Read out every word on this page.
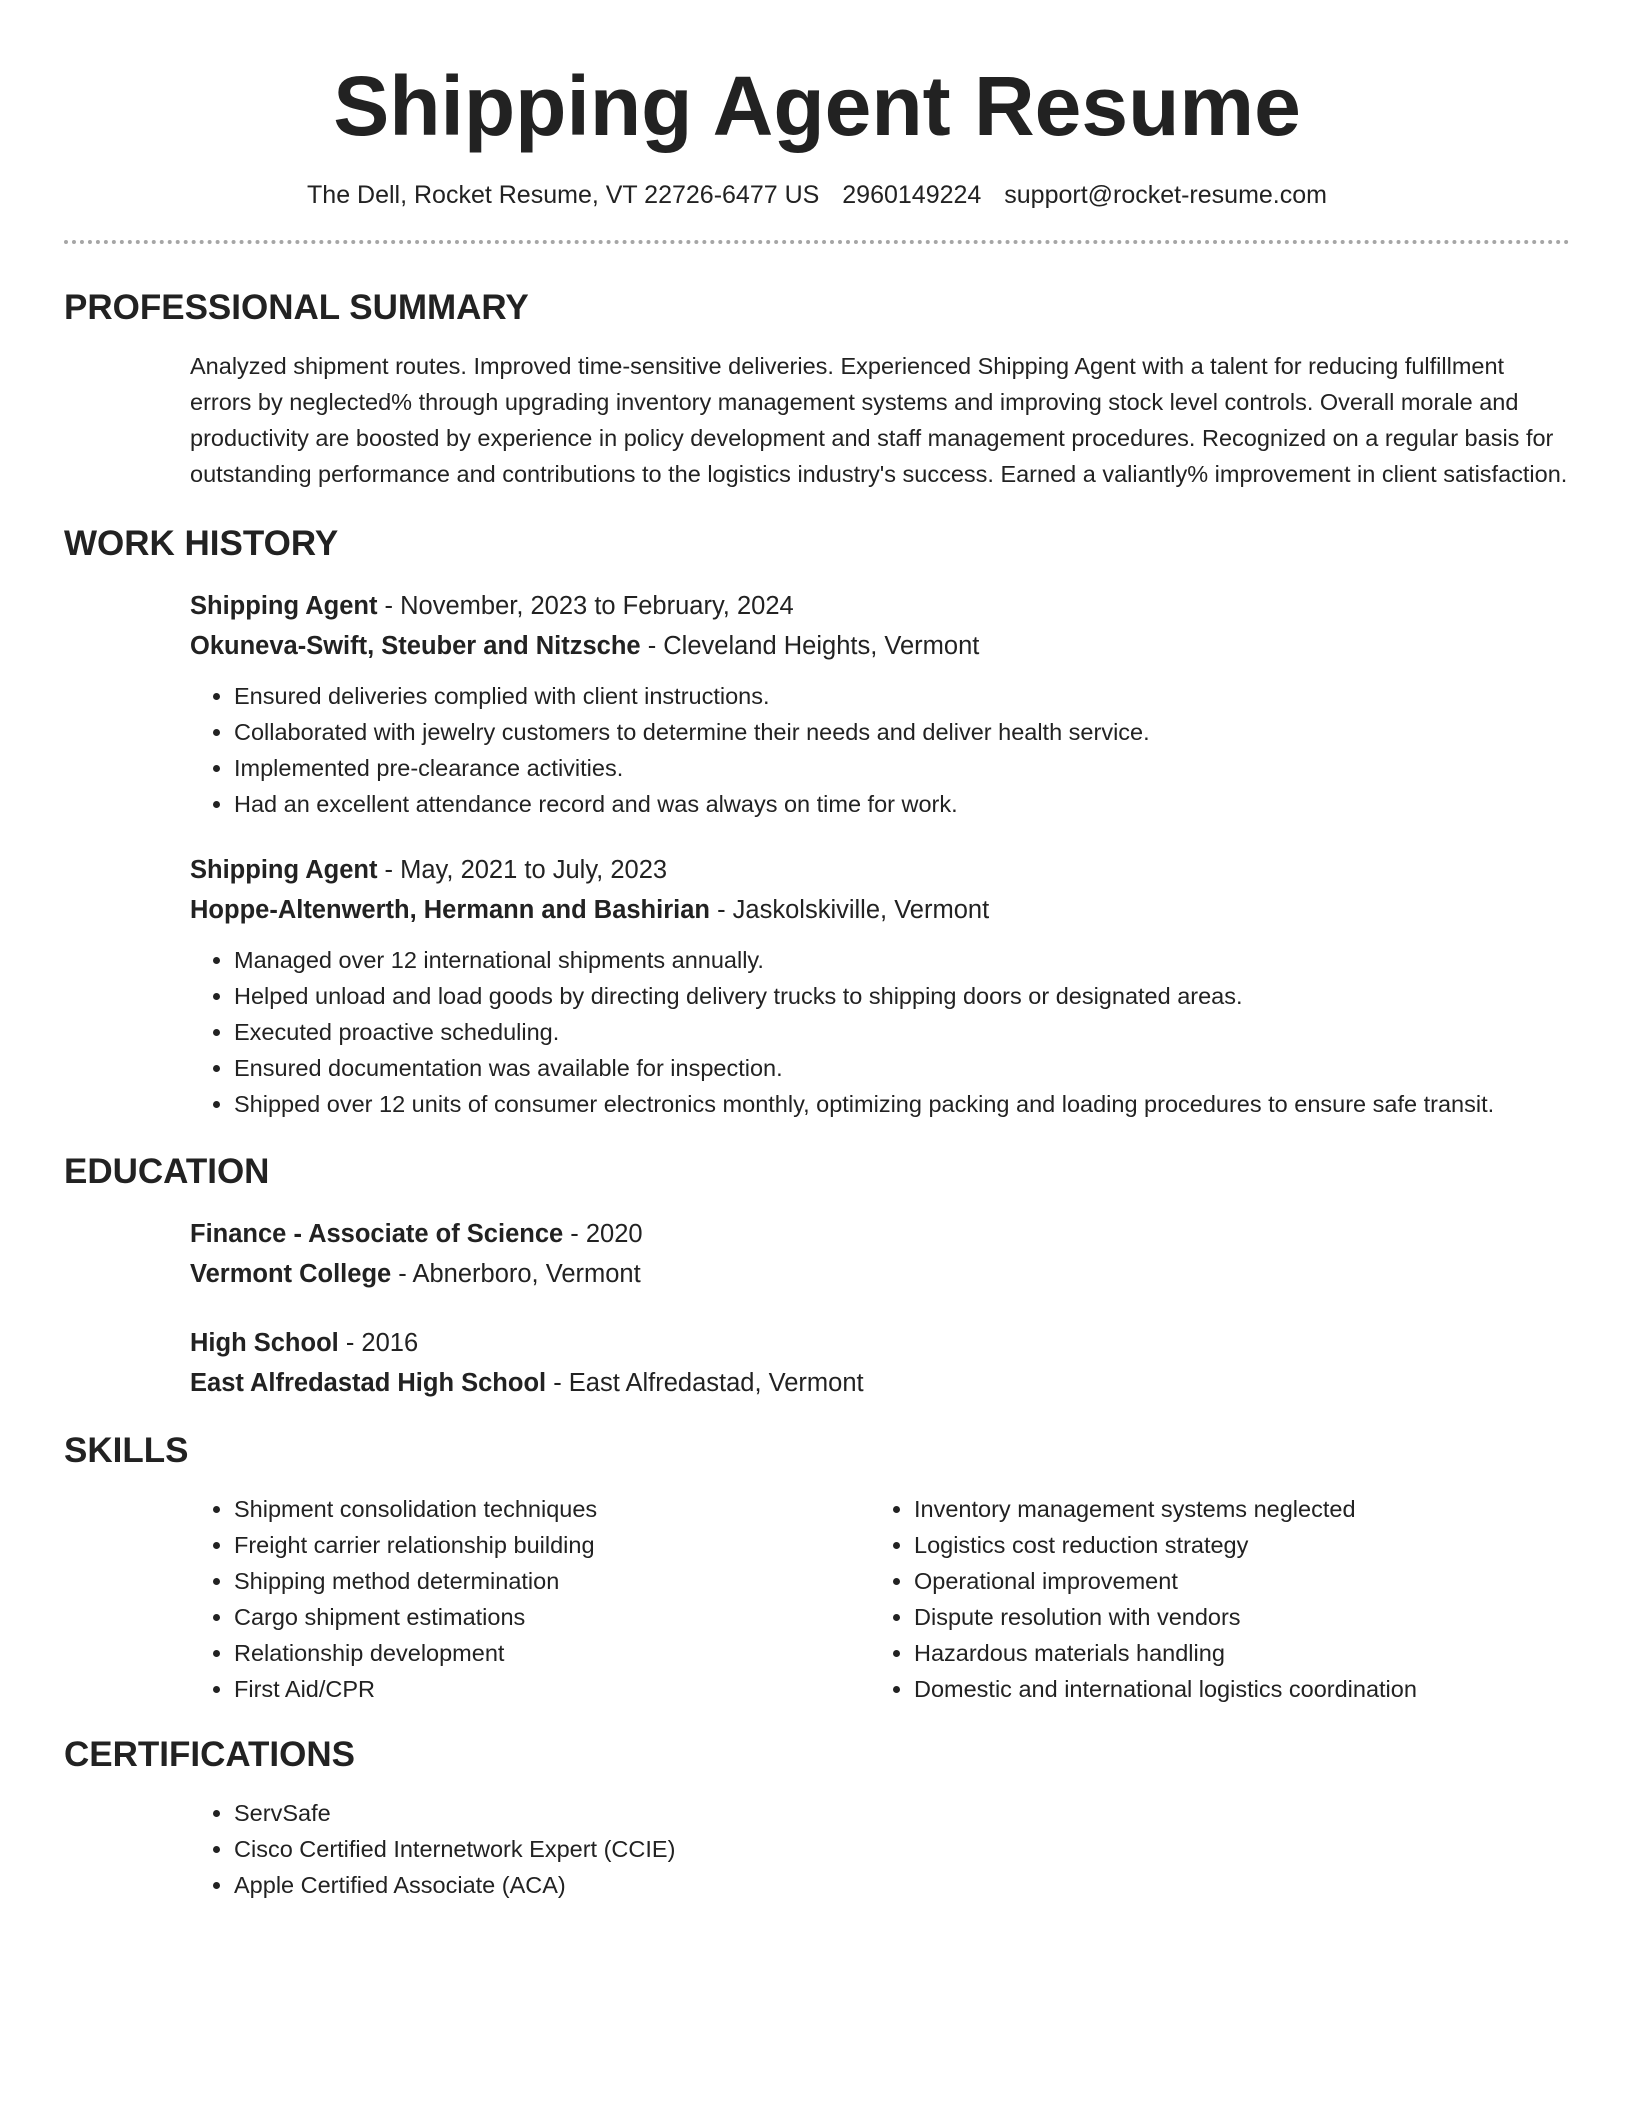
Shipping Agent Resume
The Dell, Rocket Resume, VT 22726-6477 US 2960149224 support@rocket-resume.com
PROFESSIONAL SUMMARY

Analyzed shipment routes. Improved time-sensitive deliveries. Experienced Shipping Agent with a talent for reducing fulfillment errors by neglected% through upgrading inventory management systems and improving stock level controls. Overall morale and productivity are boosted by experience in policy development and staff management procedures. Recognized on a regular basis for outstanding performance and contributions to the logistics industry's success. Earned a valiantly% improvement in client satisfaction.

WORK HISTORY
Shipping Agent - November, 2023 to February, 2024
Okuneva-Swift, Steuber and Nitzsche - Cleveland Heights, Vermont
• Ensured deliveries complied with client instructions.
• Collaborated with jewelry customers to determine their needs and deliver health service.
• Implemented pre-clearance activities.
• Had an excellent attendance record and was always on time for work.
Shipping Agent - May, 2021 to July, 2023
Hoppe-Altenwerth, Hermann and Bashirian - Jaskolskiville, Vermont
• Managed over 12 international shipments annually.
• Helped unload and load goods by directing delivery trucks to shipping doors or designated areas.
• Executed proactive scheduling.
• Ensured documentation was available for inspection.
• Shipped over 12 units of consumer electronics monthly, optimizing packing and loading procedures to ensure safe transit.
EDUCATION
Finance - Associate of Science - 2020
Vermont College - Abnerboro, Vermont
High School - 2016
East Alfredastad High School - East Alfredastad, Vermont
SKILLS
• Shipment consolidation techniques
• Freight carrier relationship building
• Shipping method determination
• Cargo shipment estimations
• Relationship development
• First Aid/CPR
• Inventory management systems neglected
• Logistics cost reduction strategy
• Operational improvement
• Dispute resolution with vendors
• Hazardous materials handling
• Domestic and international logistics coordination
CERTIFICATIONS
• ServSafe
• Cisco Certified Internetwork Expert (CCIE)
• Apple Certified Associate (ACA)
